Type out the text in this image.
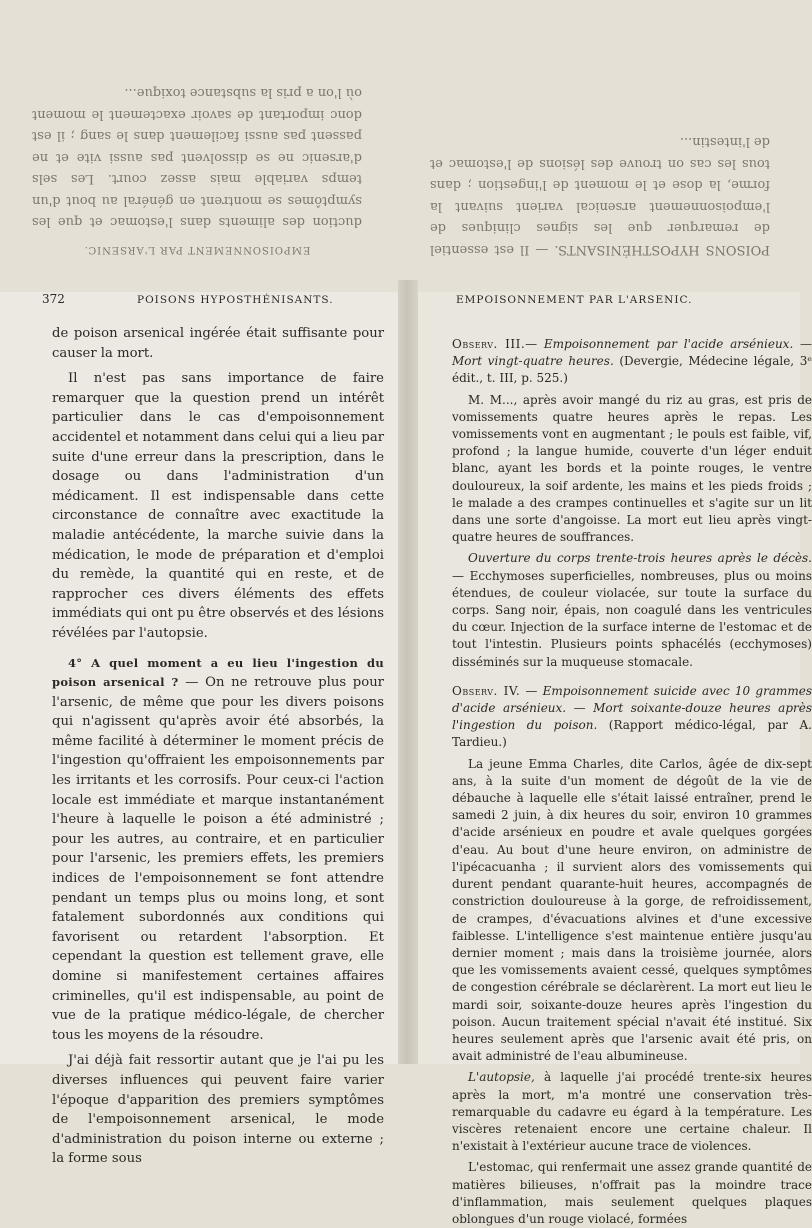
EMPOISONNEMENT PAR L'ARSENIC.

duction des aliments dans l'estomac et que les symptômes se montrent en général au bout d'un temps variable mais assez court. Les sels d'arsenic ne se dissolvent pas aussi vite et ne passent pas aussi facilement dans le sang ; il est donc important de savoir exactement le moment où l'on a pris la substance toxique...

POISONS HYPOSTHÉNISANTS. — Il est essentiel de remarquer que les signes cliniques de l'empoisonnement arsenical varient suivant la forme, la dose et le moment de l'ingestion ; dans tous les cas on trouve des lésions de l'estomac et de l'intestin...

372	POISONS HYPOSTHÉNISANTS.

de poison arsenical ingérée était suffisante pour causer la mort.

Il n'est pas sans importance de faire remarquer que la question prend un intérêt particulier dans le cas d'empoisonnement accidentel et notamment dans celui qui a lieu par suite d'une erreur dans la prescription, dans le dosage ou dans l'administration d'un médicament. Il est indispensable dans cette circonstance de connaître avec exactitude la maladie antécédente, la marche suivie dans la médication, le mode de préparation et d'emploi du remède, la quantité qui en reste, et de rapprocher ces divers éléments des effets immédiats qui ont pu être observés et des lésions révélées par l'autopsie.

4° A quel moment a eu lieu l'ingestion du poison arsenical ? — On ne retrouve plus pour l'arsenic, de même que pour les divers poisons qui n'agissent qu'après avoir été absorbés, la même facilité à déterminer le moment précis de l'ingestion qu'offraient les empoisonnements par les irritants et les corrosifs. Pour ceux-ci l'action locale est immédiate et marque instantanément l'heure à laquelle le poison a été administré ; pour les autres, au contraire, et en particulier pour l'arsenic, les premiers effets, les premiers indices de l'empoisonnement se font attendre pendant un temps plus ou moins long, et sont fatalement subordonnés aux conditions qui favorisent ou retardent l'absorption. Et cependant la question est tellement grave, elle domine si manifestement certaines affaires criminelles, qu'il est indispensable, au point de vue de la pratique médico-légale, de chercher tous les moyens de la résoudre.

J'ai déjà fait ressortir autant que je l'ai pu les diverses influences qui peuvent faire varier l'époque d'apparition des premiers symptômes de l'empoisonnement arsenical, le mode d'administration du poison interne ou externe ; la forme sous

EMPOISONNEMENT PAR L'ARSENIC.

Observ. III.— Empoisonnement par l'acide arsénieux. — Mort vingt-quatre heures. (Devergie, Médecine légale, 3ᵉ édit., t. III, p. 525.)

M. M..., après avoir mangé du riz au gras, est pris de vomissements quatre heures après le repas. Les vomissements vont en augmentant ; le pouls est faible, vif, profond ; la langue humide, couverte d'un léger enduit blanc, ayant les bords et la pointe rouges, le ventre douloureux, la soif ardente, les mains et les pieds froids ; le malade a des crampes continuelles et s'agite sur un lit dans une sorte d'angoisse. La mort eut lieu après vingt-quatre heures de souffrances.

Ouverture du corps trente-trois heures après le décès. — Ecchymoses superficielles, nombreuses, plus ou moins étendues, de couleur violacée, sur toute la surface du corps. Sang noir, épais, non coagulé dans les ventricules du cœur. Injection de la surface interne de l'estomac et de tout l'intestin. Plusieurs points sphacélés (ecchymoses) disséminés sur la muqueuse stomacale.

Observ. IV. — Empoisonnement suicide avec 10 grammes d'acide arsénieux. — Mort soixante-douze heures après l'ingestion du poison. (Rapport médico-légal, par A. Tardieu.)

La jeune Emma Charles, dite Carlos, âgée de dix-sept ans, à la suite d'un moment de dégoût de la vie de débauche à laquelle elle s'était laissé entraîner, prend le samedi 2 juin, à dix heures du soir, environ 10 grammes d'acide arsénieux en poudre et avale quelques gorgées d'eau. Au bout d'une heure environ, on administre de l'ipécacuanha ; il survient alors des vomissements qui durent pendant quarante-huit heures, accompagnés de constriction douloureuse à la gorge, de refroidissement, de crampes, d'évacuations alvines et d'une excessive faiblesse. L'intelligence s'est maintenue entière jusqu'au dernier moment ; mais dans la troisième journée, alors que les vomissements avaient cessé, quelques symptômes de congestion cérébrale se déclarèrent. La mort eut lieu le mardi soir, soixante-douze heures après l'ingestion du poison. Aucun traitement spécial n'avait été institué. Six heures seulement après que l'arsenic avait été pris, on avait administré de l'eau albumineuse.

L'autopsie, à laquelle j'ai procédé trente-six heures après la mort, m'a montré une conservation très-remarquable du cadavre eu égard à la température. Les viscères retenaient encore une certaine chaleur. Il n'existait à l'extérieur aucune trace de violences.

L'estomac, qui renfermait une assez grande quantité de matières bilieuses, n'offrait pas la moindre trace d'inflammation, mais seulement quelques plaques oblongues d'un rouge violacé, formées
